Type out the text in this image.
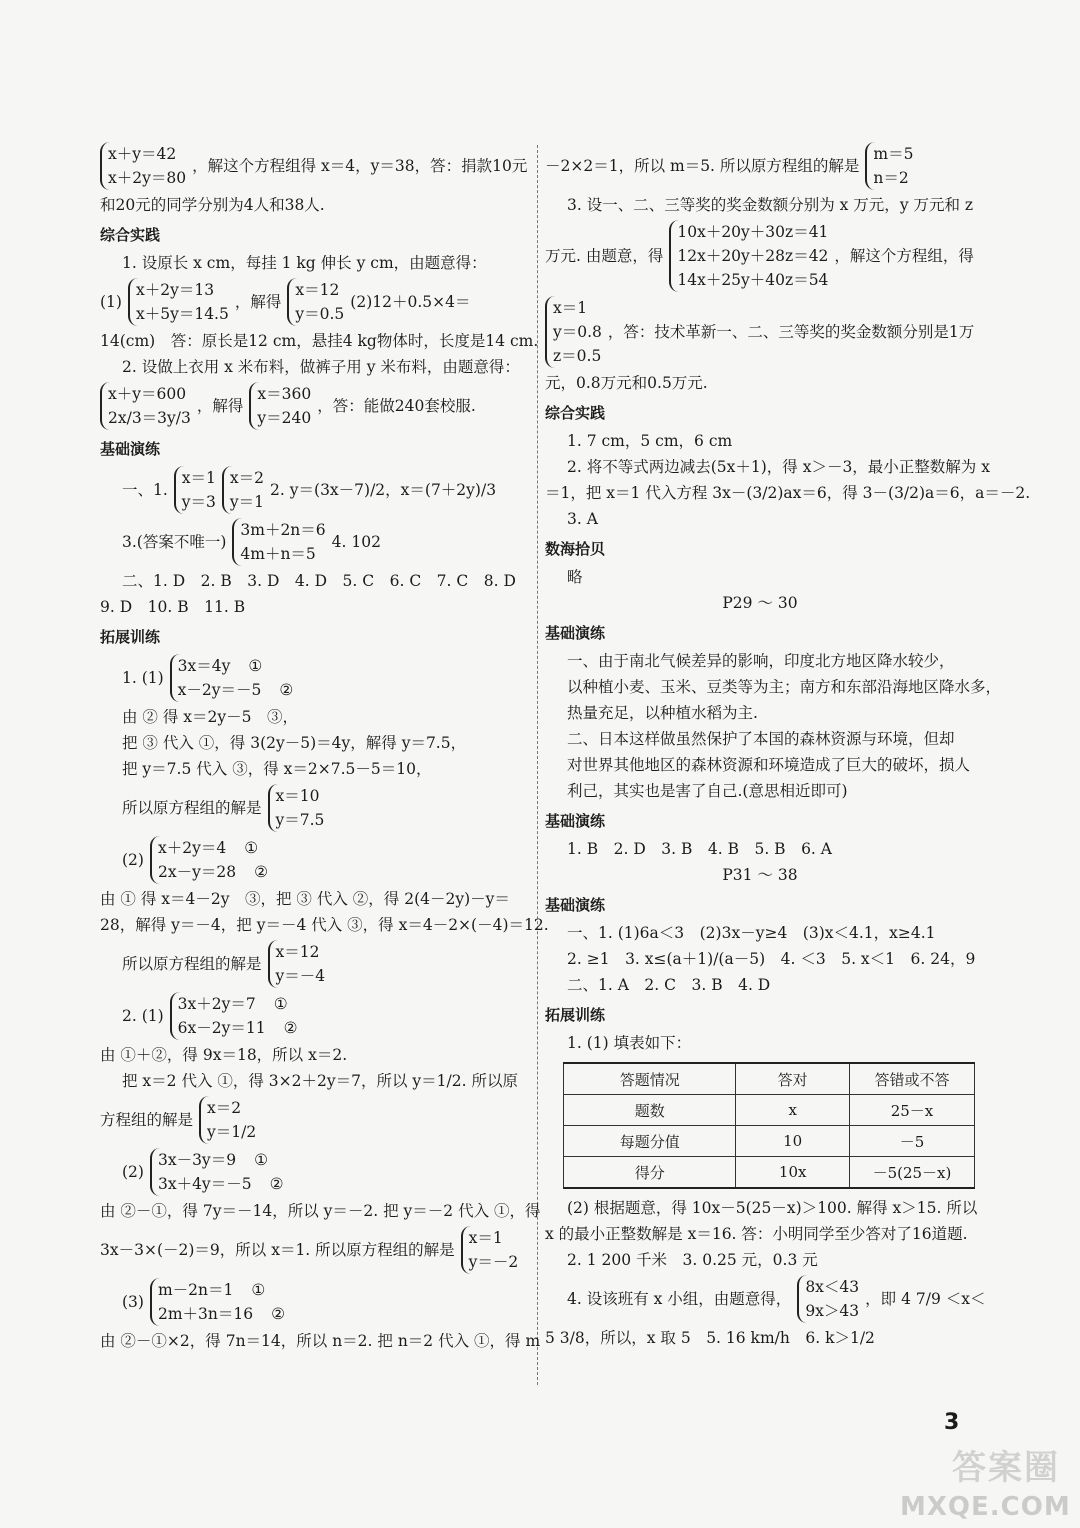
x＋y＝42
x＋2y＝80
，解这个方程组得 x＝4，y＝38，答：捐款10元
和20元的同学分别为4人和38人.
综合实践
1. 设原长 x cm，每挂 1 kg 伸长 y cm，由题意得：
(1)
x＋2y＝13
x＋5y＝14.5
，解得
x＝12
y＝0.5
(2)12＋0.5×4＝
14(cm)　答：原长是12 cm，悬挂4 kg物体时，长度是14 cm.
2. 设做上衣用 x 米布料，做裤子用 y 米布料，由题意得：
x＋y＝600
2x/3＝3y/3
，解得
x＝360
y＝240
，答：能做240套校服.
基础演练
一、1.
x＝1
y＝3
x＝2
y＝1
2. y＝(3x－7)/2，x＝(7＋2y)/3
3.(答案不唯一)
3m＋2n＝6
4m＋n＝5
4. 102
二、1. D　2. B　3. D　4. D　5. C　6. C　7. C　8. D
9. D　10. B　11. B
拓展训练
1. (1)
3x＝4y ①
x－2y＝－5 ②
由 ② 得 x＝2y－5　③，
把 ③ 代入 ①，得 3(2y－5)＝4y，解得 y＝7.5，
把 y＝7.5 代入 ③，得 x＝2×7.5－5＝10，
所以原方程组的解是
x＝10
y＝7.5
(2)
x＋2y＝4 ①
2x－y＝28 ②
由 ① 得 x＝4－2y　③，把 ③ 代入 ②，得 2(4－2y)－y＝
28，解得 y＝－4，把 y＝－4 代入 ③，得 x＝4－2×(－4)＝12.
所以原方程组的解是
x＝12
y＝－4
2. (1)
3x＋2y＝7 ①
6x－2y＝11 ②
由 ①＋②，得 9x＝18，所以 x＝2.
把 x＝2 代入 ①，得 3×2＋2y＝7，所以 y＝1/2. 所以原
方程组的解是
x＝2
y＝1/2
(2)
3x－3y＝9 ①
3x＋4y＝－5 ②
由 ②－①，得 7y＝－14，所以 y＝－2. 把 y＝－2 代入 ①，得
3x－3×(－2)＝9，所以 x＝1. 所以原方程组的解是
x＝1
y＝－2
(3)
m－2n＝1 ①
2m＋3n＝16 ②
由 ②－①×2，得 7n＝14，所以 n＝2. 把 n＝2 代入 ①，得 m
－2×2＝1，所以 m＝5. 所以原方程组的解是
m＝5
n＝2
3. 设一、二、三等奖的奖金数额分别为 x 万元，y 万元和 z
万元. 由题意，得
10x＋20y＋30z＝41
12x＋20y＋28z＝42
14x＋25y＋40z＝54
，解这个方程组，得
x＝1
y＝0.8
z＝0.5
，答：技术革新一、二、三等奖的奖金数额分别是1万
元，0.8万元和0.5万元.
综合实践
1. 7 cm，5 cm，6 cm
2. 将不等式两边减去(5x＋1)，得 x＞－3，最小正整数解为 x
＝1，把 x＝1 代入方程 3x－(3/2)ax＝6，得 3－(3/2)a＝6，a＝－2.
3. A
数海拾贝
略
P29 ～ 30
基础演练
一、由于南北气候差异的影响，印度北方地区降水较少，
以种植小麦、玉米、豆类等为主；南方和东部沿海地区降水多，
热量充足，以种植水稻为主.
二、日本这样做虽然保护了本国的森林资源与环境，但却
对世界其他地区的森林资源和环境造成了巨大的破坏，损人
利己，其实也是害了自己.(意思相近即可)
基础演练
1. B　2. D　3. B　4. B　5. B　6. A
P31 ～ 38
基础演练
一、1. (1)6a＜3　(2)3x－y≥4　(3)x＜4.1，x≥4.1
2. ≥1　3. x≤(a＋1)/(a－5)　4. ＜3　5. x＜1　6. 24，9
二、1. A　2. C　3. B　4. D
拓展训练
1. (1) 填表如下：
答题情况	答对	答错或不答
题数	x	25－x
每题分值	10	－5
得分	10x	－5(25－x)
(2) 根据题意，得 10x－5(25－x)＞100. 解得 x＞15. 所以
x 的最小正整数解是 x＝16. 答：小明同学至少答对了16道题.
2. 1 200 千米　3. 0.25 元，0.3 元
4. 设该班有 x 小组，由题意得，
8x＜43
9x＞43
，即 4 7/9 ＜x＜
5 3/8，所以，x 取 5　5. 16 km/h　6. k＞1/2
3
答案圈
MXQE.COM
